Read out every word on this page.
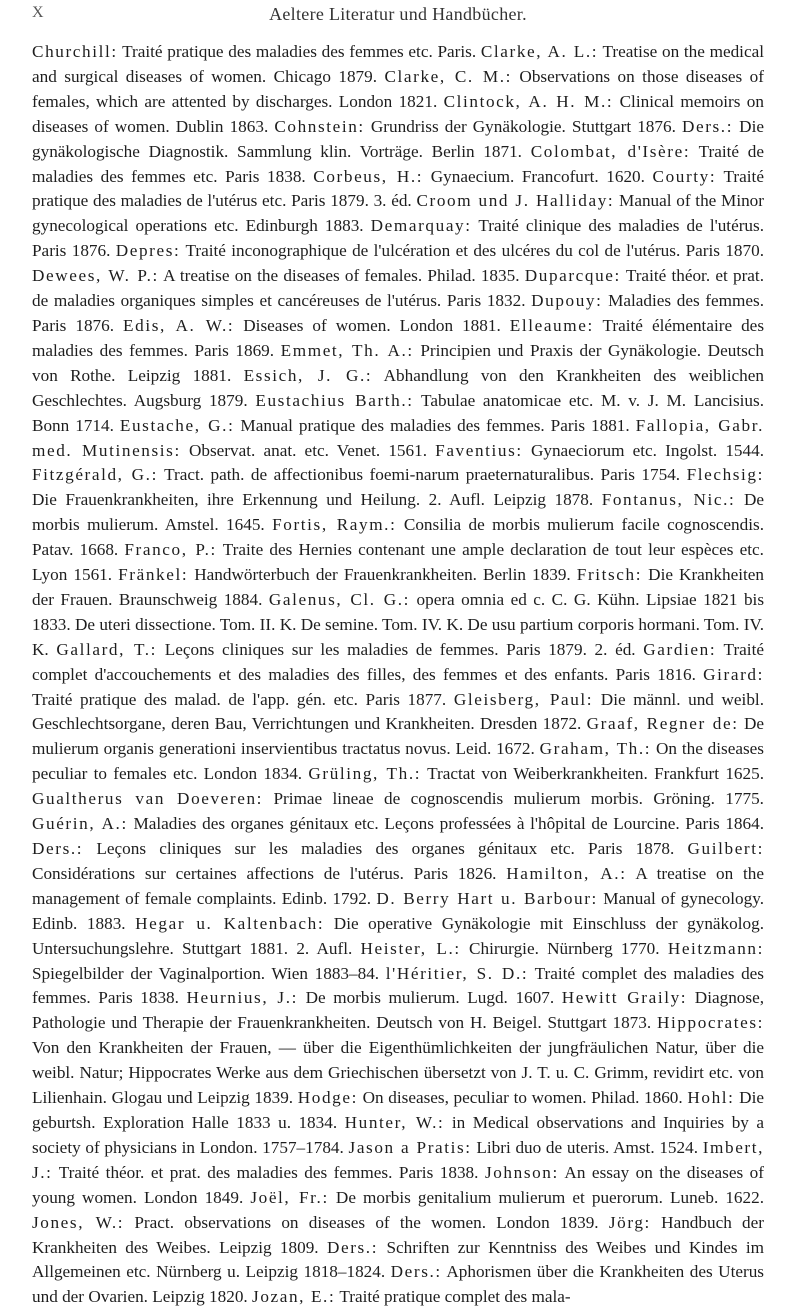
X	Aeltere Literatur und Handbücher.

Churchill: Traité pratique des maladies des femmes etc. Paris. Clarke, A. L.: Treatise on the medical and surgical diseases of women. Chicago 1879. Clarke, C. M.: Observations on those diseases of females, which are attented by discharges. London 1821. Clintock, A. H. M.: Clinical memoirs on diseases of women. Dublin 1863. Cohnstein: Grundriss der Gynäkologie. Stuttgart 1876. Ders.: Die gynäkologische Diagnostik. Sammlung klin. Vorträge. Berlin 1871. Colombat, d'Isère: Traité de maladies des femmes etc. Paris 1838. Corbeus, H.: Gynaecium. Francofurt. 1620. Courty: Traité pratique des maladies de l'utérus etc. Paris 1879. 3. éd. Croom und J. Halliday: Manual of the Minor gynecological operations etc. Edinburgh 1883. Demarquay: Traité clinique des maladies de l'utérus. Paris 1876. Depres: Traité inconographique de l'ulcération et des ulcéres du col de l'utérus. Paris 1870. Dewees, W. P.: A treatise on the diseases of females. Philad. 1835. Duparcque: Traité théor. et prat. de maladies organiques simples et cancéreuses de l'utérus. Paris 1832. Dupouy: Maladies des femmes. Paris 1876. Edis, A. W.: Diseases of women. London 1881. Elleaume: Traité élémentaire des maladies des femmes. Paris 1869. Emmet, Th. A.: Principien und Praxis der Gynäkologie. Deutsch von Rothe. Leipzig 1881. Essich, J. G.: Abhandlung von den Krankheiten des weiblichen Geschlechtes. Augsburg 1879. Eustachius Barth.: Tabulae anatomicae etc. M. v. J. M. Lancisius. Bonn 1714. Eustache, G.: Manual pratique des maladies des femmes. Paris 1881. Fallopia, Gabr. med. Mutinensis: Observat. anat. etc. Venet. 1561. Faventius: Gynaeciorum etc. Ingolst. 1544. Fitzgérald, G.: Tract. path. de affectionibus foemi-narum praeternaturalibus. Paris 1754. Flechsig: Die Frauenkrankheiten, ihre Erkennung und Heilung. 2. Aufl. Leipzig 1878. Fontanus, Nic.: De morbis mulierum. Amstel. 1645. Fortis, Raym.: Consilia de morbis mulierum facile cognoscendis. Patav. 1668. Franco, P.: Traite des Hernies contenant une ample declaration de tout leur espèces etc. Lyon 1561. Fränkel: Handwörterbuch der Frauenkrankheiten. Berlin 1839. Fritsch: Die Krankheiten der Frauen. Braunschweig 1884. Galenus, Cl. G.: opera omnia ed c. C. G. Kühn. Lipsiae 1821 bis 1833. De uteri dissectione. Tom. II. K. De semine. Tom. IV. K. De usu partium corporis hormani. Tom. IV. K. Gallard, T.: Leçons cliniques sur les maladies de femmes. Paris 1879. 2. éd. Gardien: Traité complet d'accouchements et des maladies des filles, des femmes et des enfants. Paris 1816. Girard: Traité pratique des malad. de l'app. gén. etc. Paris 1877. Gleisberg, Paul: Die männl. und weibl. Geschlechtsorgane, deren Bau, Verrichtungen und Krankheiten. Dresden 1872. Graaf, Regner de: De mulierum organis generationi inservientibus tractatus novus. Leid. 1672. Graham, Th.: On the diseases peculiar to females etc. London 1834. Grüling, Th.: Tractat von Weiberkrankheiten. Frankfurt 1625. Gualtherus van Doeveren: Primae lineae de cognoscendis mulierum morbis. Gröning. 1775. Guérin, A.: Maladies des organes génitaux etc. Leçons professées à l'hôpital de Lourcine. Paris 1864. Ders.: Leçons cliniques sur les maladies des organes génitaux etc. Paris 1878. Guilbert: Considérations sur certaines affections de l'utérus. Paris 1826. Hamilton, A.: A treatise on the management of female complaints. Edinb. 1792. D. Berry Hart u. Barbour: Manual of gynecology. Edinb. 1883. Hegar u. Kaltenbach: Die operative Gynäkologie mit Einschluss der gynäkolog. Untersuchungslehre. Stuttgart 1881. 2. Aufl. Heister, L.: Chirurgie. Nürnberg 1770. Heitzmann: Spiegelbilder der Vaginalportion. Wien 1883–84. l'Héritier, S. D.: Traité complet des maladies des femmes. Paris 1838. Heurnius, J.: De morbis mulierum. Lugd. 1607. Hewitt Graily: Diagnose, Pathologie und Therapie der Frauenkrankheiten. Deutsch von H. Beigel. Stuttgart 1873. Hippocrates: Von den Krankheiten der Frauen, — über die Eigenthümlichkeiten der jungfräulichen Natur, über die weibl. Natur; Hippocrates Werke aus dem Griechischen übersetzt von J. T. u. C. Grimm, revidirt etc. von Lilienhain. Glogau und Leipzig 1839. Hodge: On diseases, peculiar to women. Philad. 1860. Hohl: Die geburtsh. Exploration Halle 1833 u. 1834. Hunter, W.: in Medical observations and Inquiries by a society of physicians in London. 1757–1784. Jason a Pratis: Libri duo de uteris. Amst. 1524. Imbert, J.: Traité théor. et prat. des maladies des femmes. Paris 1838. Johnson: An essay on the diseases of young women. London 1849. Joël, Fr.: De morbis genitalium mulierum et puerorum. Luneb. 1622. Jones, W.: Pract. observations on diseases of the women. London 1839. Jörg: Handbuch der Krankheiten des Weibes. Leipzig 1809. Ders.: Schriften zur Kenntniss des Weibes und Kindes im Allgemeinen etc. Nürnberg u. Leipzig 1818–1824. Ders.: Aphorismen über die Krankheiten des Uterus und der Ovarien. Leipzig 1820. Jozan, E.: Traité pratique complet des mala-
